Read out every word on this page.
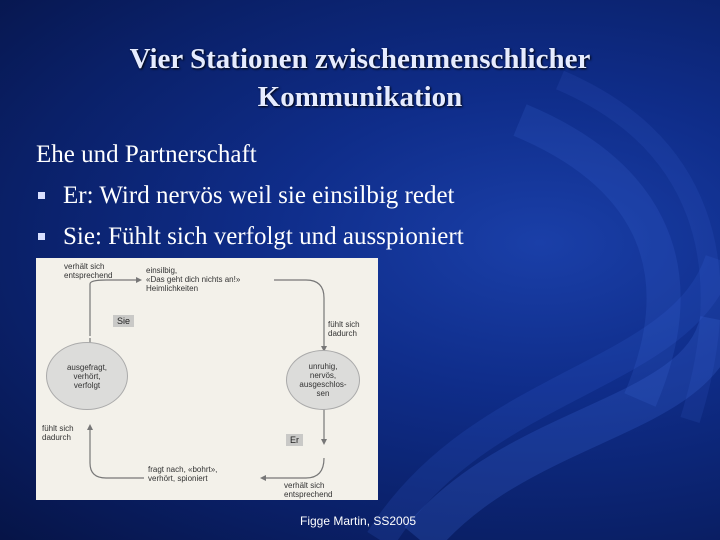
Vier Stationen zwischenmenschlicher
Kommunikation
Ehe und Partnerschaft
Er: Wird nervös weil sie einsilbig redet
Sie: Fühlt sich verfolgt und ausspioniert
verhält sich
entsprechend
einsilbig,
«Das geht dich nichts an!»
Heimlichkeiten
Sie	fühlt sich
dadurch
unruhig,
nervös,
ausgeschlos-
sen
ausgefragt,
verhört,
verfolgt
fühlt sich
dadurch	Er
fragt nach, «bohrt»,
verhört, spioniert
verhält sich
entsprechend
Figge Martin, SS2005
